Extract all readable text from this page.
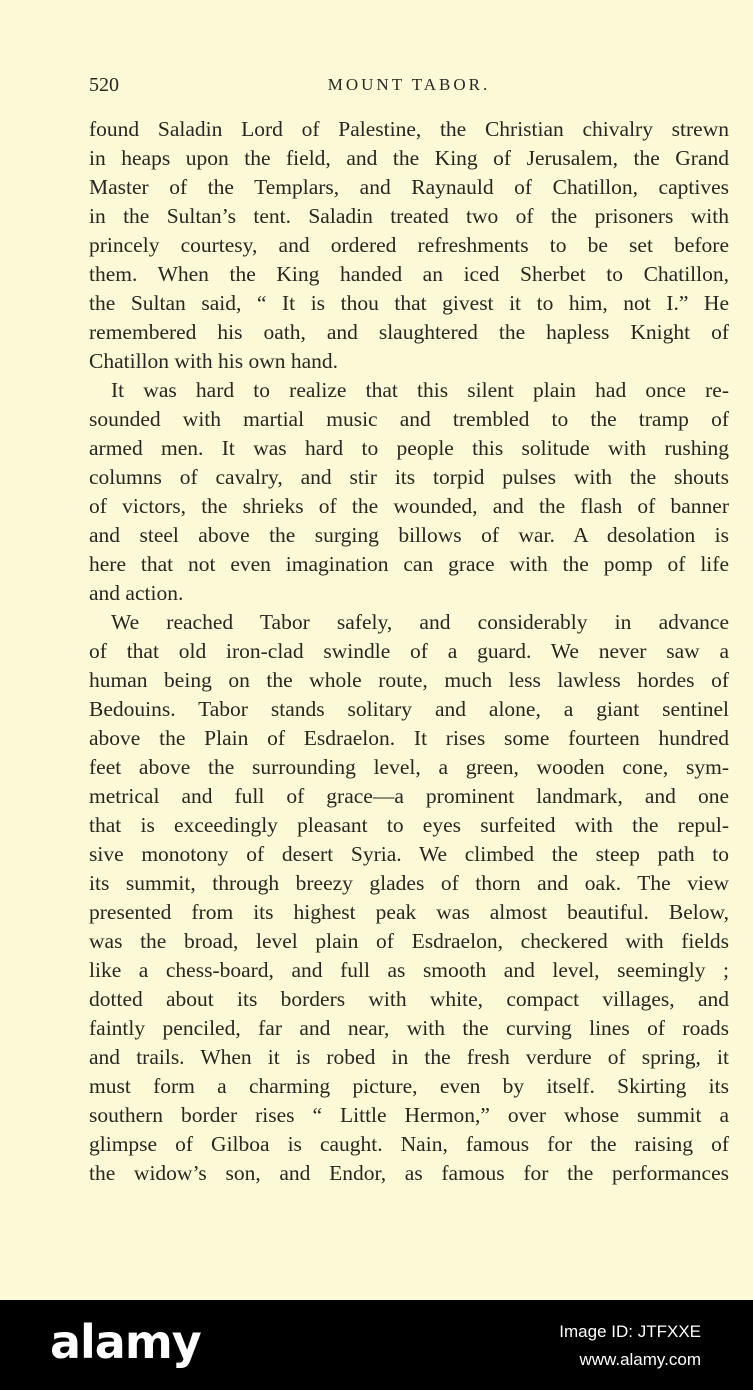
520	MOUNT TABOR.
found Saladin Lord of Palestine, the Christian chivalry strewn
in heaps upon the field, and the King of Jerusalem, the Grand
Master of the Templars, and Raynauld of Chatillon, captives
in the Sultan’s tent. Saladin treated two of the prisoners with
princely courtesy, and ordered refreshments to be set before
them. When the King handed an iced Sherbet to Chatillon,
the Sultan said, “ It is thou that givest it to him, not I.” He
remembered his oath, and slaughtered the hapless Knight of
Chatillon with his own hand.
It was hard to realize that this silent plain had once re-
sounded with martial music and trembled to the tramp of
armed men. It was hard to people this solitude with rushing
columns of cavalry, and stir its torpid pulses with the shouts
of victors, the shrieks of the wounded, and the flash of banner
and steel above the surging billows of war. A desolation is
here that not even imagination can grace with the pomp of life
and action.
We reached Tabor safely, and considerably in advance
of that old iron-clad swindle of a guard. We never saw a
human being on the whole route, much less lawless hordes of
Bedouins. Tabor stands solitary and alone, a giant sentinel
above the Plain of Esdraelon. It rises some fourteen hundred
feet above the surrounding level, a green, wooden cone, sym-
metrical and full of grace—a prominent landmark, and one
that is exceedingly pleasant to eyes surfeited with the repul-
sive monotony of desert Syria. We climbed the steep path to
its summit, through breezy glades of thorn and oak. The view
presented from its highest peak was almost beautiful. Below,
was the broad, level plain of Esdraelon, checkered with fields
like a chess-board, and full as smooth and level, seemingly ;
dotted about its borders with white, compact villages, and
faintly penciled, far and near, with the curving lines of roads
and trails. When it is robed in the fresh verdure of spring, it
must form a charming picture, even by itself. Skirting its
southern border rises “ Little Hermon,” over whose summit a
glimpse of Gilboa is caught. Nain, famous for the raising of
the widow’s son, and Endor, as famous for the performances
alamy	Image ID: JTFXXE
www.alamy.com
